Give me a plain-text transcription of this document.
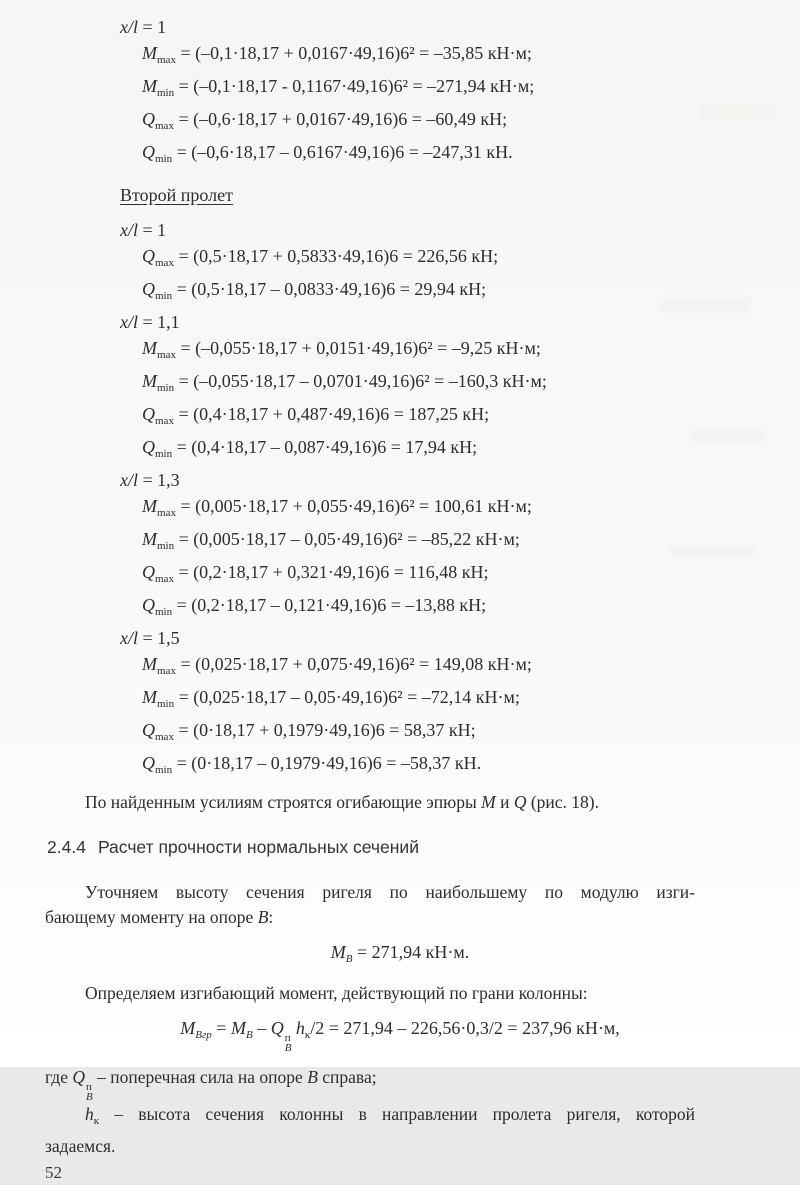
x/l = 1
$M_{max} = (-0,1\cdot 18,17 + 0,0167\cdot 49,16)6^2 = -35,85$ кН·м;
$M_{min} = (-0,1\cdot 18,17 - 0,1167\cdot 49,16)6^2 = -271,94$ кН·м;
$Q_{max} = (-0,6\cdot 18,17 + 0,0167\cdot 49,16)6 = -60,49$ кН;
$Q_{min} = (-0,6\cdot 18,17 - 0,6167\cdot 49,16)6 = -247,31$ кН.
Второй пролет
x/l = 1
$Q_{max} = (0,5\cdot 18,17 + 0,5833\cdot 49,16)6 = 226,56$ кН;
$Q_{min} = (0,5\cdot 18,17 - 0,0833\cdot 49,16)6 = 29,94$ кН;
x/l = 1,1
$M_{max} = (-0,055\cdot 18,17 + 0,0151\cdot 49,16)6^2 = -9,25$ кН·м;
$M_{min} = (-0,055\cdot 18,17 - 0,0701\cdot 49,16)6^2 = -160,3$ кН·м;
$Q_{max} = (0,4\cdot 18,17 + 0,487\cdot 49,16)6 = 187,25$ кН;
$Q_{min} = (0,4\cdot 18,17 - 0,087\cdot 49,16)6 = 17,94$ кН;
x/l = 1,3
$M_{max} = (0,005\cdot 18,17 + 0,055\cdot 49,16)6^2 = 100,61$ кН·м;
$M_{min} = (0,005\cdot 18,17 - 0,05\cdot 49,16)6^2 = -85,22$ кН·м;
$Q_{max} = (0,2\cdot 18,17 + 0,321\cdot 49,16)6 = 116,48$ кН;
$Q_{min} = (0,2\cdot 18,17 - 0,121\cdot 49,16)6 = -13,88$ кН;
x/l = 1,5
$M_{max} = (0,025\cdot 18,17 + 0,075\cdot 49,16)6^2 = 149,08$ кН·м;
$M_{min} = (0,025\cdot 18,17 - 0,05\cdot 49,16)6^2 = -72,14$ кН·м;
$Q_{max} = (0\cdot 18,17 + 0,1979\cdot 49,16)6 = 58,37$ кН;
$Q_{min} = (0\cdot 18,17 - 0,1979\cdot 49,16)6 = -58,37$ кН.
По найденным усилиям строятся огибающие эпюры M и Q (рис. 18).
2.4.4 Расчет прочности нормальных сечений
Уточняем высоту сечения ригеля по наибольшему по модулю изги-
бающему моменту на опоре В:
$M_В = 271,94$ кН·м.
Определяем изгибающий момент, действующий по грани колонны:
$M_{Вгр} = M_В - Q$ п
В
$h_к/2 = 271,94 - 226,56\cdot 0,3/2 = 237,96$ кН·м,
где Q п
В
– поперечная сила на опоре В справа;
$h_к$ – высота сечения колонны в направлении пролета ригеля, которой
задаемся.
52
